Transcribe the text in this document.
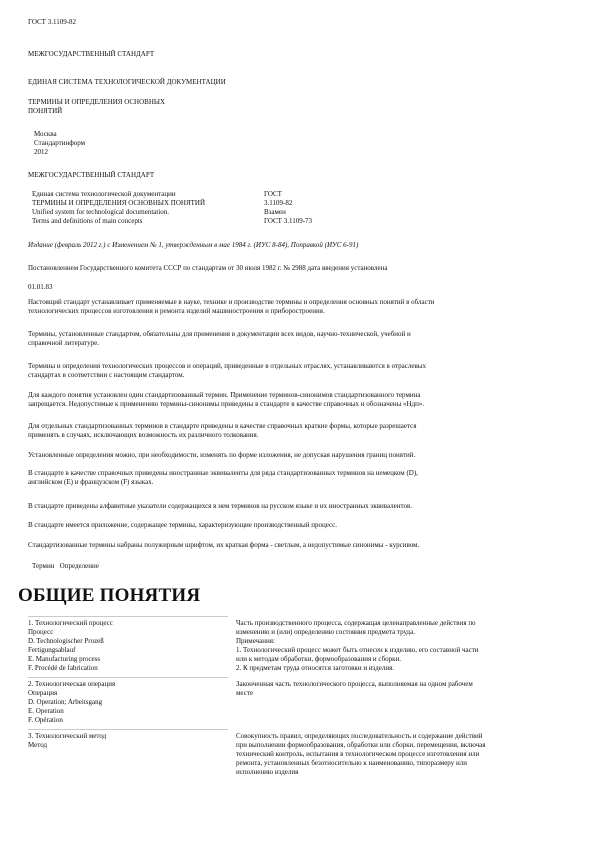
ГОСТ 3.1109-82
МЕЖГОСУДАРСТВЕННЫЙ СТАНДАРТ
ЕДИНАЯ СИСТЕМА ТЕХНОЛОГИЧЕСКОЙ ДОКУМЕНТАЦИИ
ТЕРМИНЫ И ОПРЕДЕЛЕНИЯ ОСНОВНЫХ
ПОНЯТИЙ
Москва
Стандартинформ
2012
МЕЖГОСУДАРСТВЕННЫЙ СТАНДАРТ
Единая система технологической документации
ТЕРМИНЫ И ОПРЕДЕЛЕНИЯ ОСНОВНЫХ ПОНЯТИЙ
Unified system for technological documentation.
Terms and definitions of main concepts
ГОСТ
3.1109-82
Взамен
ГОСТ 3.1109-73
Издание (февраль 2012 г.) с Изменением № 1, утвержденным в мае 1984 г. (ИУС 8-84), Поправкой (ИУС 6-91)
Постановлением Государственного комитета СССР по стандартам от 30 июля 1982 г. № 2988 дата введения установлена
01.01.83
Настоящий стандарт устанавливает применяемые в науке, технике и производстве термины и определения основных понятий в области
технологических процессов изготовления и ремонта изделий машиностроения и приборостроения.
Термины, установленные стандартом, обязательны для применения в документации всех видов, научно-технической, учебной и
справочной литературе.
Термины и определения технологических процессов и операций, приведенные в отдельных отраслях, устанавливаются в отраслевых
стандартах в соответствии с настоящим стандартом.
Для каждого понятия установлен один стандартизованный термин. Применение терминов-синонимов стандартизованного термина
запрещается. Недопустимые к применению термины-синонимы приведены в стандарте в качестве справочных и обозначены «Ндп».
Для отдельных стандартизованных терминов в стандарте приведены в качестве справочных краткие формы, которые разрешается
применять в случаях, исключающих возможность их различного толкования.
Установленные определения можно, при необходимости, изменять по форме изложения, не допуская нарушения границ понятий.
В стандарте в качестве справочных приведены иностранные эквиваленты для ряда стандартизованных терминов на немецком (D),
английском (E) и французском (F) языках.
В стандарте приведены алфавитные указатели содержащихся в нем терминов на русском языке и их иностранных эквивалентов.
В стандарте имеется приложение, содержащее термины, характеризующие производственный процесс.
Стандартизованные термины набраны полужирным шрифтом, их краткая форма - светлым, а недопустимые синонимы - курсивом.
Термин   Определение
ОБЩИЕ ПОНЯТИЯ
1. Технологический процесс
Процесс
D. Technologischer Prozeß
Fertigungsablauf
E. Manufacturing process
F. Procédé de fabrication
Часть производственного процесса, содержащая целенаправленные действия по
изменению и (или) определению состояния предмета труда.
Примечания:
1. Технологический процесс может быть отнесен к изделию, его составной части
или к методам обработки, формообразования и сборки.
2. К предметам труда относятся заготовки и изделия.
2. Технологическая операция
Операция
D. Operation; Arbeitsgang
E. Operation
F. Opération
Законченная часть технологического процесса, выполняемая на одном рабочем
месте
3. Технологический метод
Метод
Совокупность правил, определяющих последовательность и содержание действий
при выполнении формообразования, обработки или сборки, перемещения, включая
технический контроль, испытания в технологическом процессе изготовления или
ремонта, установленных безотносительно к наименованию, типоразмеру или
исполнению изделия
